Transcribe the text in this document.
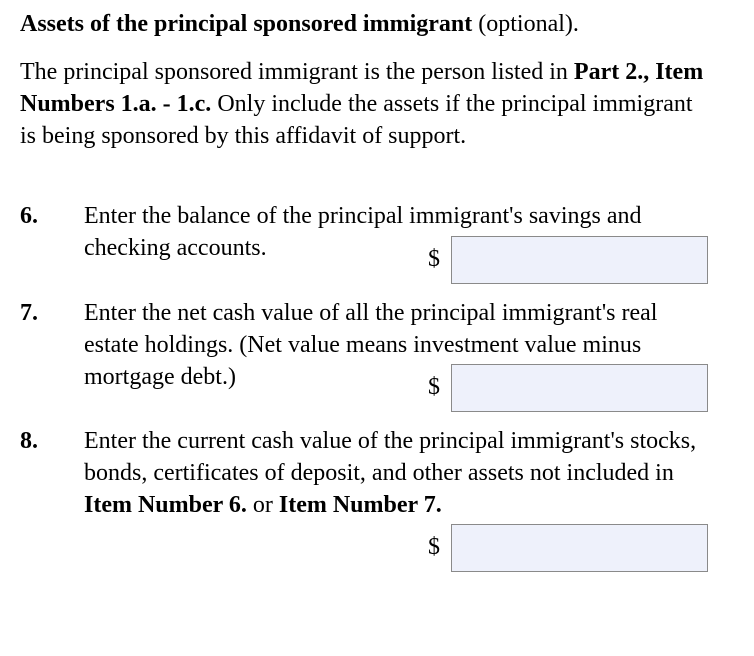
Assets of the principal sponsored immigrant (optional).
The principal sponsored immigrant is the person listed in Part 2., Item Numbers 1.a. - 1.c. Only include the assets if the principal immigrant is being sponsored by this affidavit of support.
6. Enter the balance of the principal immigrant's savings and checking accounts.	$
7. Enter the net cash value of all the principal immigrant's real estate holdings. (Net value means investment value minus mortgage debt.)	$
8. Enter the current cash value of the principal immigrant's stocks, bonds, certificates of deposit, and other assets not included in Item Number 6. or Item Number 7.
$
